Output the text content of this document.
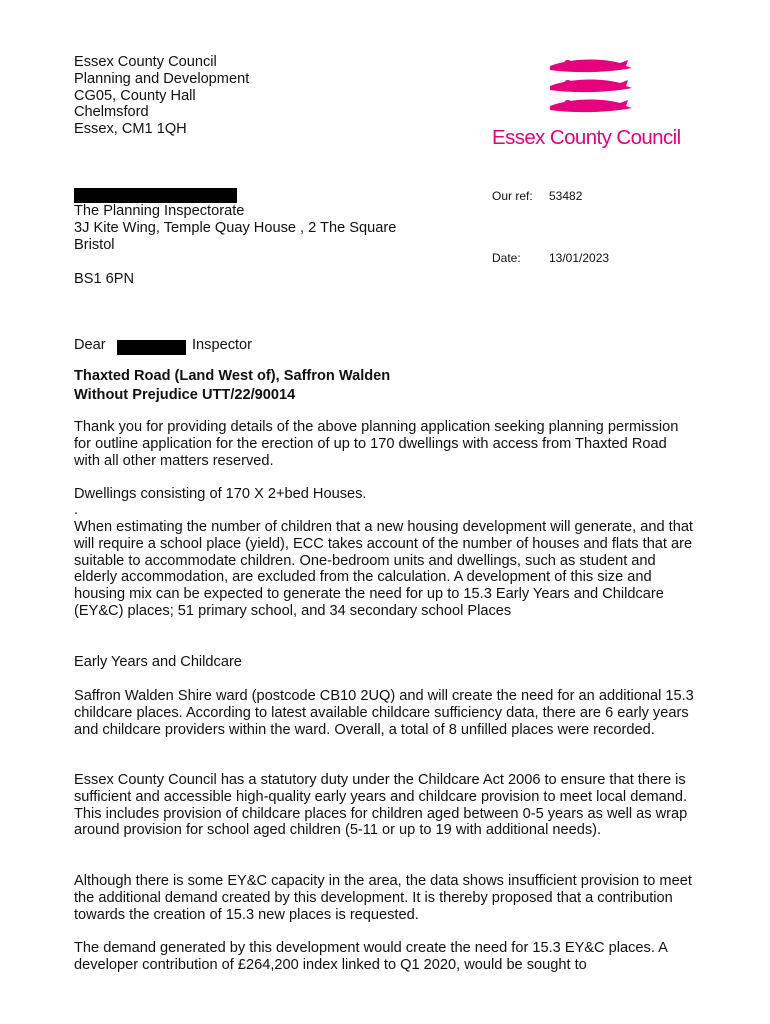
Essex County Council
Planning and Development
CG05, County Hall
Chelmsford
Essex, CM1 1QH	Essex County Council
The Planning Inspectorate
3J Kite Wing, Temple Quay House , 2 The Square
Bristol
BS1 6PN
Our ref: 53482
Date: 13/01/2023
Dear	Inspector
Thaxted Road (Land West of), Saffron Walden
Without Prejudice UTT/22/90014

Thank you for providing details of the above planning application seeking planning permission for outline application for the erection of up to 170 dwellings with access from Thaxted Road with all other matters reserved.

Dwellings consisting of 170 X 2+bed Houses.

.

When estimating the number of children that a new housing development will generate, and that will require a school place (yield), ECC takes account of the number of houses and flats that are suitable to accommodate children. One-bedroom units and dwellings, such as student and elderly accommodation, are excluded from the calculation. A development of this size and housing mix can be expected to generate the need for up to 15.3 Early Years and Childcare (EY&C) places; 51 primary school, and 34 secondary school Places

Early Years and Childcare

Saffron Walden Shire ward (postcode CB10 2UQ) and will create the need for an additional 15.3 childcare places. According to latest available childcare sufficiency data, there are 6 early years and childcare providers within the ward. Overall, a total of 8 unfilled places were recorded.

Essex County Council has a statutory duty under the Childcare Act 2006 to ensure that there is sufficient and accessible high-quality early years and childcare provision to meet local demand. This includes provision of childcare places for children aged between 0-5 years as well as wrap around provision for school aged children (5-11 or up to 19 with additional needs).

Although there is some EY&C capacity in the area, the data shows insufficient provision to meet the additional demand created by this development. It is thereby proposed that a contribution towards the creation of 15.3 new places is requested.

The demand generated by this development would create the need for 15.3 EY&C places. A developer contribution of £264,200 index linked to Q1 2020, would be sought to
